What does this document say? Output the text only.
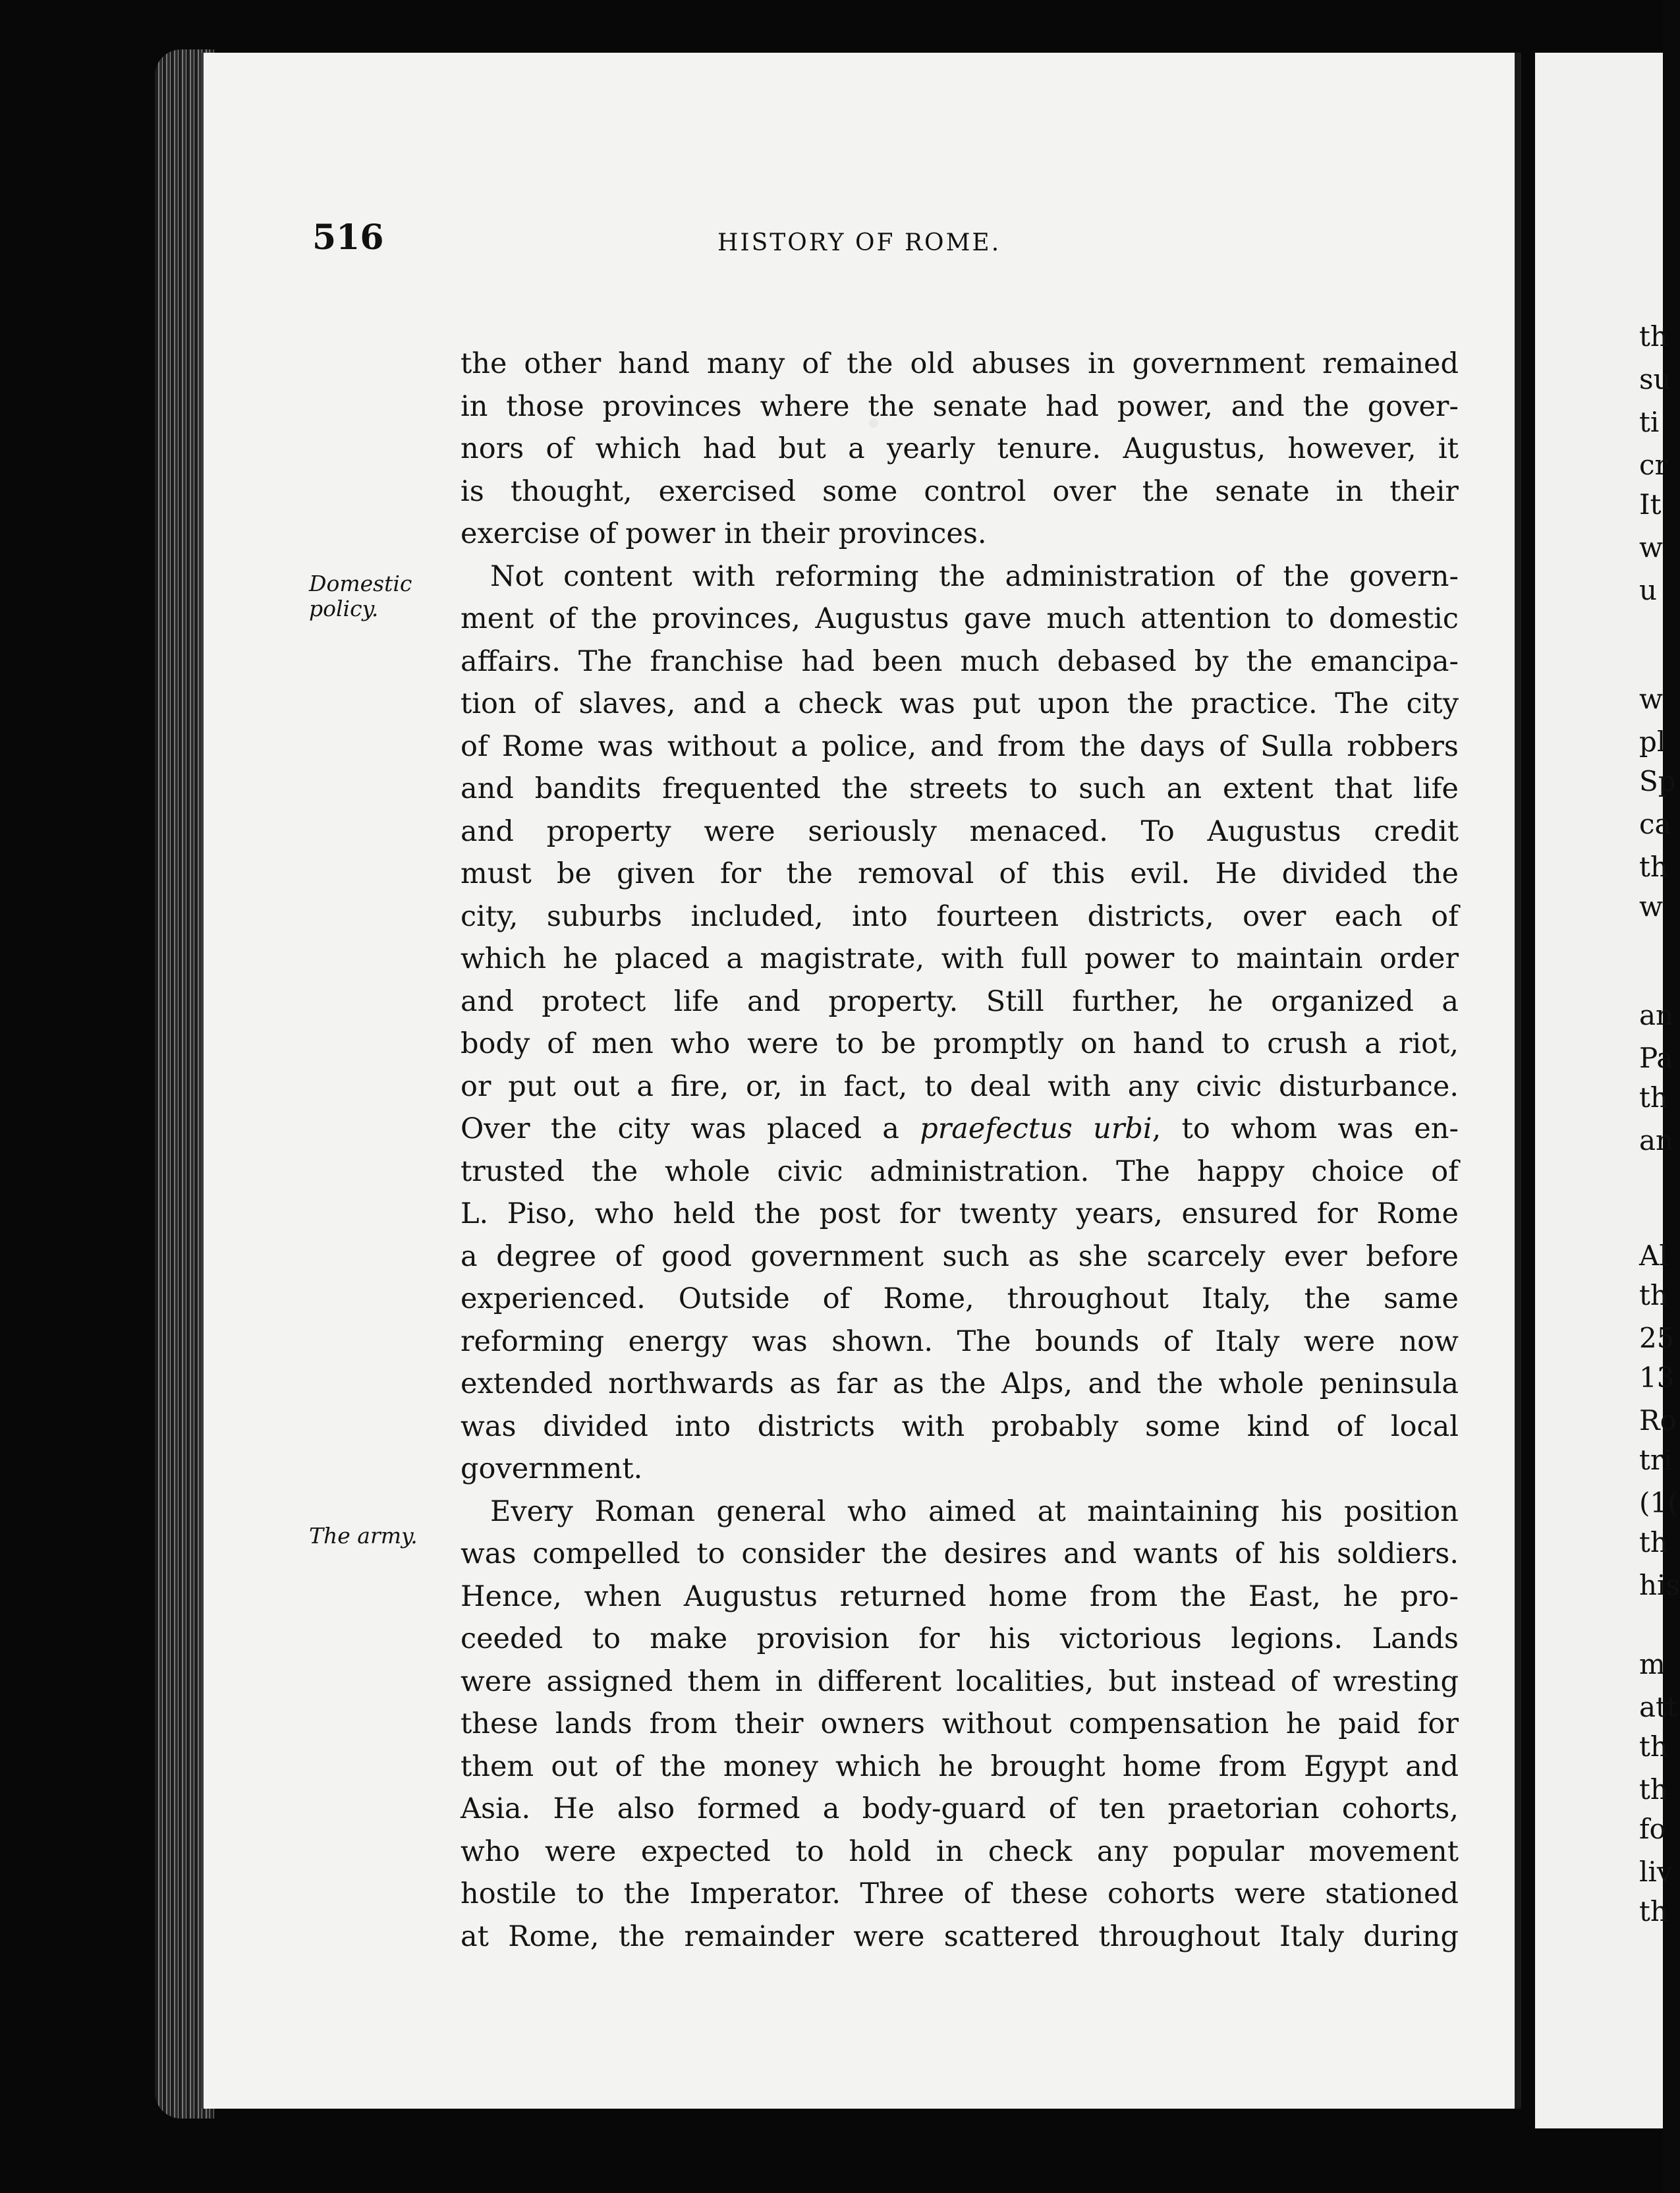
516	HISTORY OF ROME.
Domestic
policy.
The army.
the other hand many of the old abuses in government remained
in those provinces where the senate had power, and the gover-
nors of which had but a yearly tenure. Augustus, however, it
is thought, exercised some control over the senate in their
exercise of power in their provinces.
Not content with reforming the administration of the govern-
ment of the provinces, Augustus gave much attention to domestic
affairs. The franchise had been much debased by the emancipa-
tion of slaves, and a check was put upon the practice. The city
of Rome was without a police, and from the days of Sulla robbers
and bandits frequented the streets to such an extent that life
and property were seriously menaced. To Augustus credit
must be given for the removal of this evil. He divided the
city, suburbs included, into fourteen districts, over each of
which he placed a magistrate, with full power to maintain order
and protect life and property. Still further, he organized a
body of men who were to be promptly on hand to crush a riot,
or put out a fire, or, in fact, to deal with any civic disturbance.
Over the city was placed a praefectus urbi, to whom was en-
trusted the whole civic administration. The happy choice of
L. Piso, who held the post for twenty years, ensured for Rome
a degree of good government such as she scarcely ever before
experienced. Outside of Rome, throughout Italy, the same
reforming energy was shown. The bounds of Italy were now
extended northwards as far as the Alps, and the whole peninsula
was divided into districts with probably some kind of local
government.
Every Roman general who aimed at maintaining his position
was compelled to consider the desires and wants of his soldiers.
Hence, when Augustus returned home from the East, he pro-
ceeded to make provision for his victorious legions. Lands
were assigned them in different localities, but instead of wresting
these lands from their owners without compensation he paid for
them out of the money which he brought home from Egypt and
Asia. He also formed a body-guard of ten praetorian cohorts,
who were expected to hold in check any popular movement
hostile to the Imperator. Three of these cohorts were stationed
at Rome, the remainder were scattered throughout Italy during
th
su
ti
cr
It
w
u
w
pl
Sp
ca
th
w
an
Pa
th
an
Al
th
25
13
Ro
tri
(1(
th
his
m
att
th
th
fo
liv
th
